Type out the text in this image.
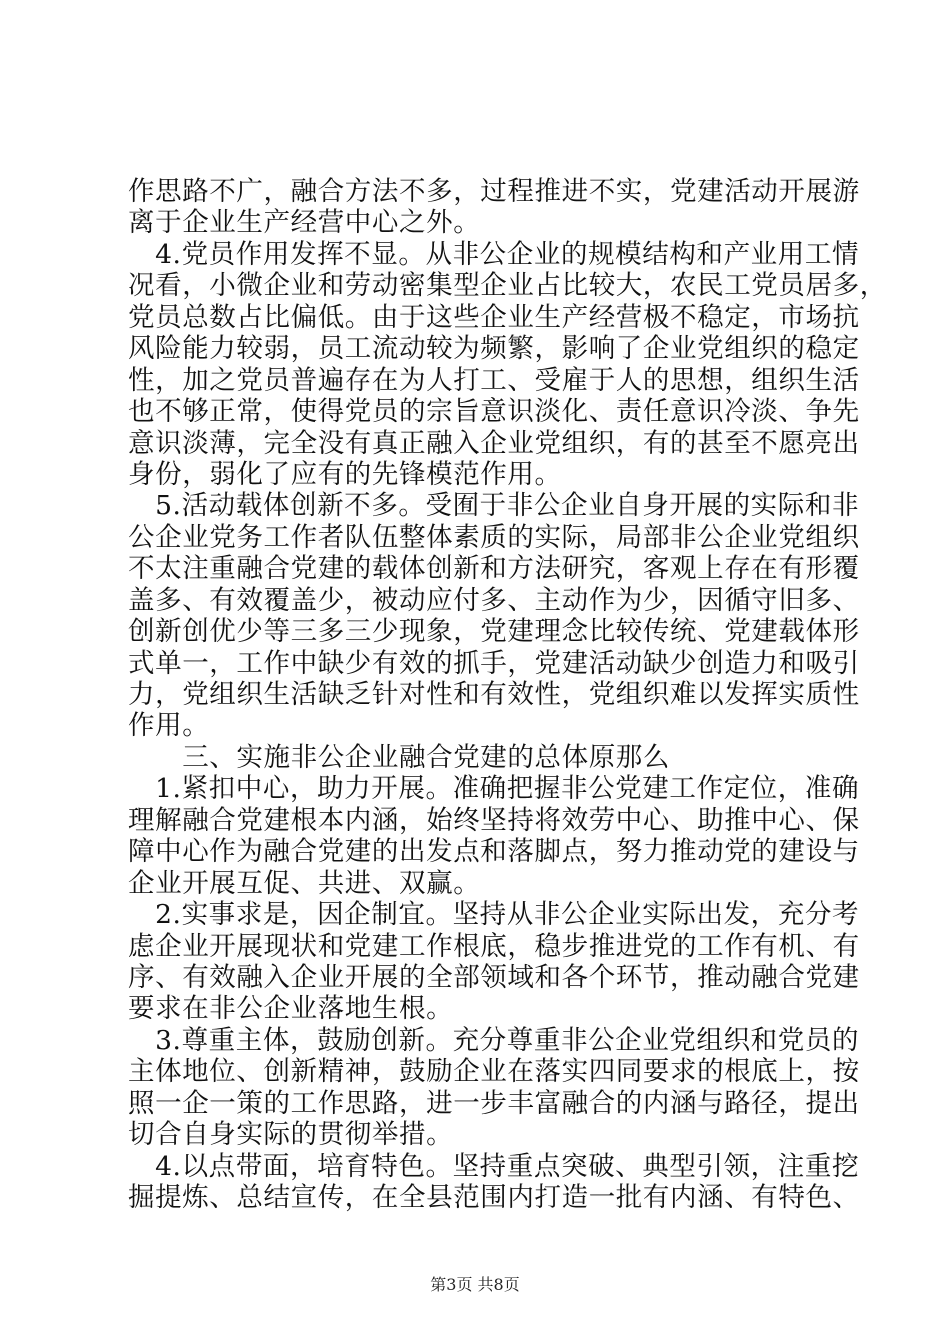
作思路不广，融合方法不多，过程推进不实，党建活动开展游
离于企业生产经营中心之外。
　4.党员作用发挥不显。从非公企业的规模结构和产业用工情
况看，小微企业和劳动密集型企业占比较大，农民工党员居多，
党员总数占比偏低。由于这些企业生产经营极不稳定，市场抗
风险能力较弱，员工流动较为频繁，影响了企业党组织的稳定
性，加之党员普遍存在为人打工、受雇于人的思想，组织生活
也不够正常，使得党员的宗旨意识淡化、责任意识冷淡、争先
意识淡薄，完全没有真正融入企业党组织，有的甚至不愿亮出
身份，弱化了应有的先锋模范作用。
　5.活动载体创新不多。受囿于非公企业自身开展的实际和非
公企业党务工作者队伍整体素质的实际，局部非公企业党组织
不太注重融合党建的载体创新和方法研究，客观上存在有形覆
盖多、有效覆盖少，被动应付多、主动作为少，因循守旧多、
创新创优少等三多三少现象，党建理念比较传统、党建载体形
式单一，工作中缺少有效的抓手，党建活动缺少创造力和吸引
力，党组织生活缺乏针对性和有效性，党组织难以发挥实质性
作用。
　　三、实施非公企业融合党建的总体原那么
　1.紧扣中心，助力开展。准确把握非公党建工作定位，准确
理解融合党建根本内涵，始终坚持将效劳中心、助推中心、保
障中心作为融合党建的出发点和落脚点，努力推动党的建设与
企业开展互促、共进、双赢。
　2.实事求是，因企制宜。坚持从非公企业实际出发，充分考
虑企业开展现状和党建工作根底，稳步推进党的工作有机、有
序、有效融入企业开展的全部领域和各个环节，推动融合党建
要求在非公企业落地生根。
　3.尊重主体，鼓励创新。充分尊重非公企业党组织和党员的
主体地位、创新精神，鼓励企业在落实四同要求的根底上，按
照一企一策的工作思路，进一步丰富融合的内涵与路径，提出
切合自身实际的贯彻举措。
　4.以点带面，培育特色。坚持重点突破、典型引领，注重挖
掘提炼、总结宣传，在全县范围内打造一批有内涵、有特色、
第3页 共8页
